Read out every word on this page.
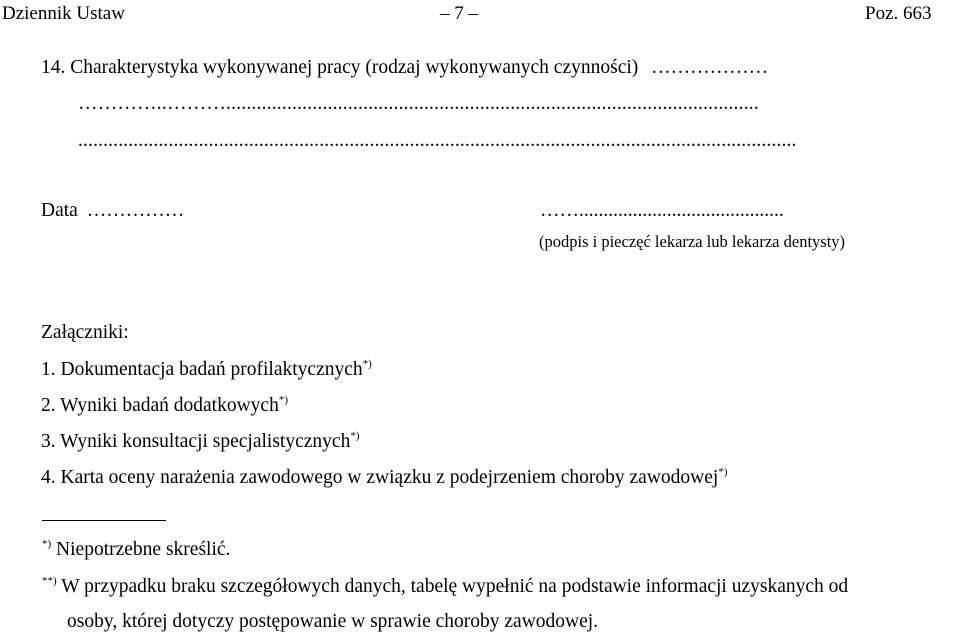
Dziennik Ustaw	– 7 –	Poz. 663
14. Charakterystyka wykonywanej pracy (rodzaj wykonywanych czynności) ………………
…………..……….........................................................................................................
...............................................................................................................................................
Data ……………	……..........................................
(podpis i pieczęć lekarza lub lekarza dentysty)
Załączniki:
1. Dokumentacja badań profilaktycznych*)
2. Wyniki badań dodatkowych*)
3. Wyniki konsultacji specjalistycznych*)
4. Karta oceny narażenia zawodowego w związku z podejrzeniem choroby zawodowej*)
*) Niepotrzebne skreślić.
**) W przypadku braku szczegółowych danych, tabelę wypełnić na podstawie informacji uzyskanych od
osoby, której dotyczy postępowanie w sprawie choroby zawodowej.
